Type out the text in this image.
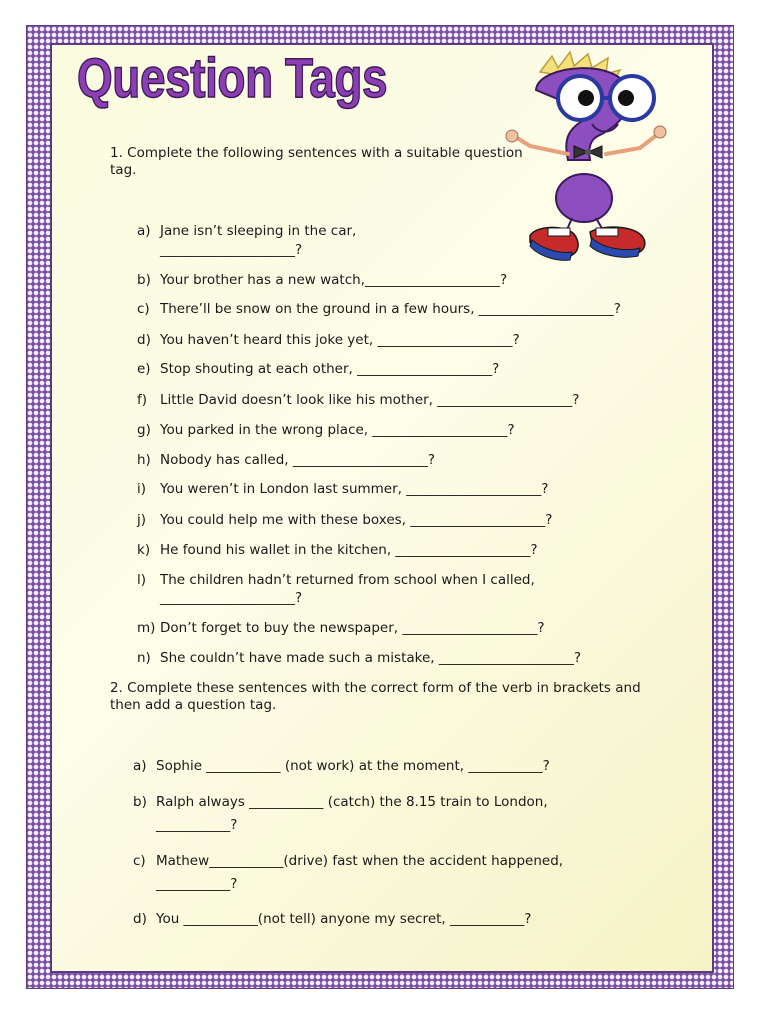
Question Tags

1. Complete the following sentences with a suitable question tag.

a) Jane isn’t sleeping in the car,

____________________?

b) Your brother has a new watch,____________________?

c) There’ll be snow on the ground in a few hours, ____________________?

d) You haven’t heard this joke yet, ____________________?

e) Stop shouting at each other, ____________________?

f) Little David doesn’t look like his mother, ____________________?

g) You parked in the wrong place, ____________________?

h) Nobody has called, ____________________?

i) You weren’t in London last summer, ____________________?

j) You could help me with these boxes, ____________________?

k) He found his wallet in the kitchen, ____________________?

l) The children hadn’t returned from school when I called,

____________________?

m) Don’t forget to buy the newspaper, ____________________?

n) She couldn’t have made such a mistake, ____________________?

2. Complete these sentences with the correct form of the verb in brackets and then add a question tag.

a) Sophie ___________ (not work) at the moment, ___________?

b) Ralph always ___________ (catch) the 8.15 train to London,

___________?

c) Mathew___________(drive) fast when the accident happened,

___________?

d) You ___________(not tell) anyone my secret, ___________?
